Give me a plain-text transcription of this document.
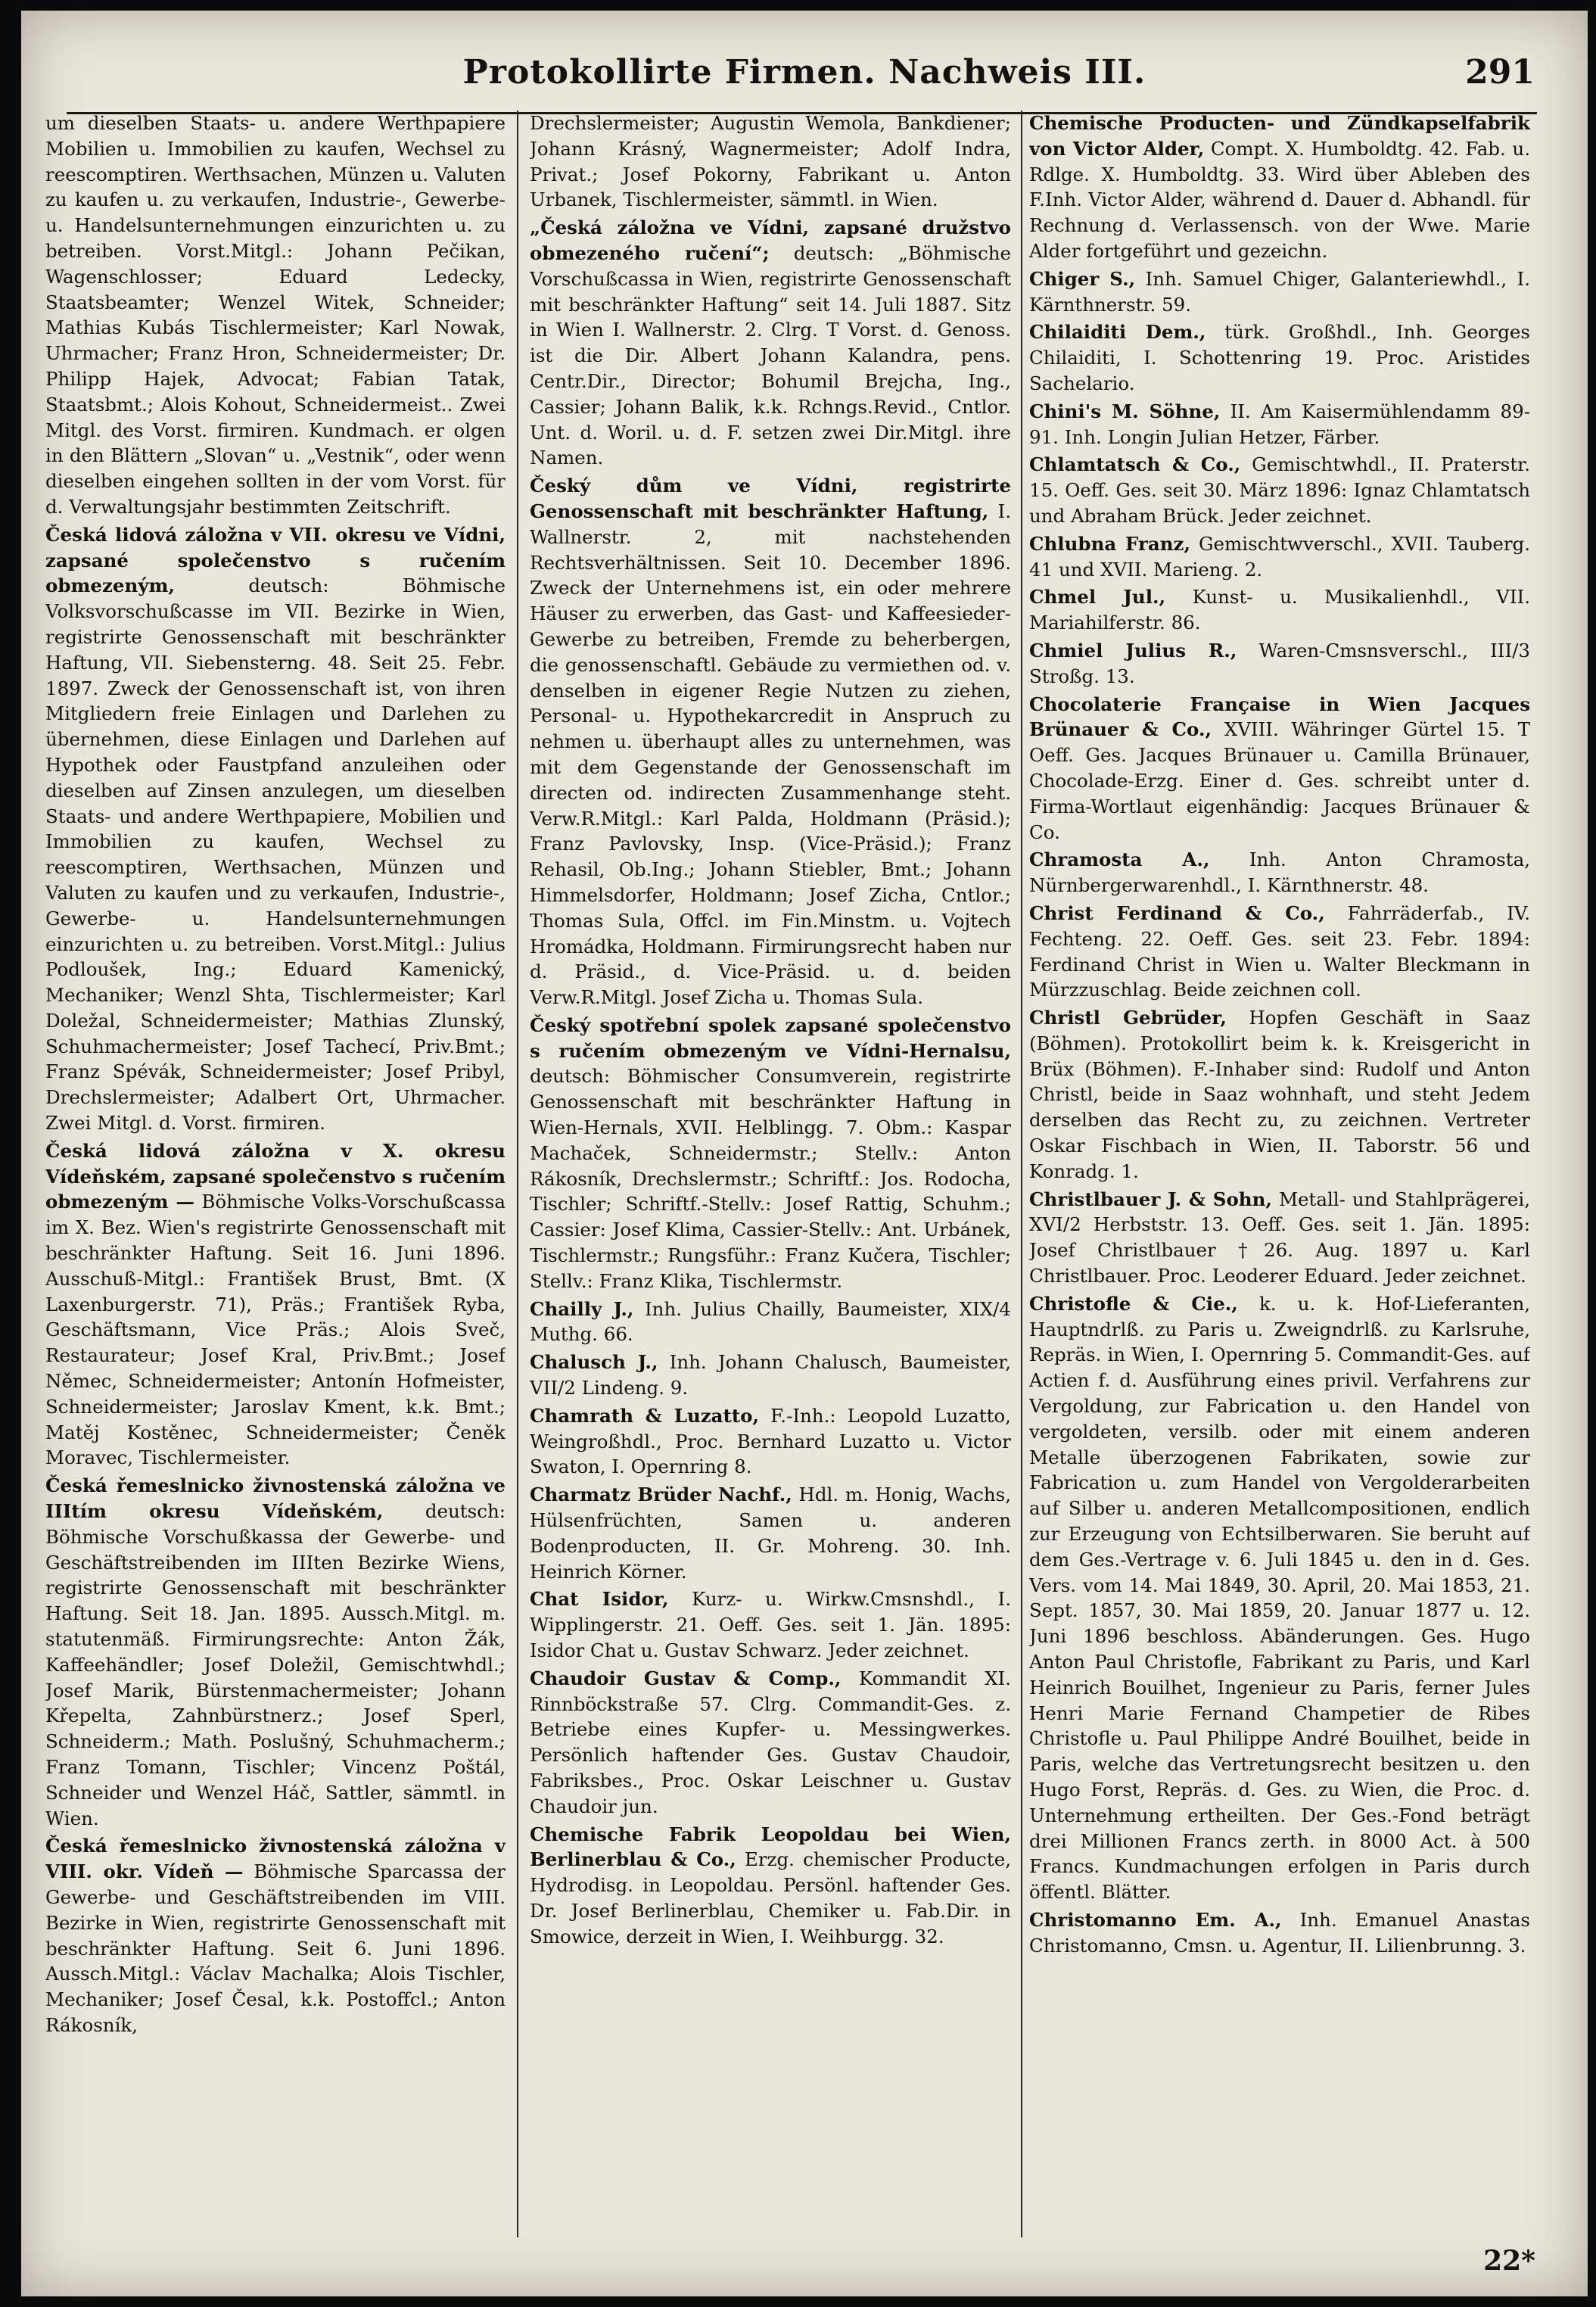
Protokollirte Firmen. Nachweis III.	291

um dieselben Staats- u. andere Werthpapiere Mobilien u. Immobilien zu kaufen, Wechsel zu reescomptiren. Werthsachen, Münzen u. Valuten zu kaufen u. zu verkaufen, Industrie-, Gewerbe- u. Handelsunternehmungen einzurichten u. zu betreiben. Vorst.Mitgl.: Johann Pečikan, Wagenschlosser; Eduard Ledecky, Staatsbeamter; Wenzel Witek, Schneider; Mathias Kubás Tischlermeister; Karl Nowak, Uhrmacher; Franz Hron, Schneidermeister; Dr. Philipp Hajek, Advocat; Fabian Tatak, Staatsbmt.; Alois Kohout, Schneidermeist.. Zwei Mitgl. des Vorst. firmiren. Kundmach. er olgen in den Blättern „Slovan“ u. „Vestnik“, oder wenn dieselben eingehen sollten in der vom Vorst. für d. Verwaltungsjahr bestimmten Zeitschrift.

Česká lidová záložna v VII. okresu ve Vídni, zapsané společenstvo s ručením obmezeným,	deutsch: Böhmische Volksvorschußcasse im VII. Bezirke in Wien, registrirte Genossenschaft mit beschränkter Haftung, VII. Siebensterng. 48. Seit 25. Febr. 1897. Zweck der Genossenschaft ist, von ihren Mitgliedern freie Einlagen und Darlehen zu übernehmen, diese Einlagen und Darlehen auf Hypothek oder Faustpfand anzuleihen oder dieselben auf Zinsen anzulegen, um dieselben Staats- und andere Werthpapiere, Mobilien und Immobilien zu kaufen, Wechsel zu reescomptiren, Werthsachen, Münzen und Valuten zu kaufen und zu verkaufen, Industrie-, Gewerbe- u. Handelsunternehmungen einzurichten u. zu betreiben. Vorst.Mitgl.: Julius Podloušek, Ing.; Eduard Kamenický, Mechaniker; Wenzl Shta, Tischlermeister; Karl Doležal, Schneidermeister; Mathias Zlunský, Schuhmachermeister; Josef Tachecí, Priv.Bmt.; Franz Spévák, Schneidermeister; Josef Pribyl, Drechslermeister; Adalbert Ort, Uhrmacher. Zwei Mitgl. d. Vorst. firmiren.

Česká lidová záložna v X. okresu Vídeňském, zapsané společenstvo s ručením obmezeným — Böhmische Volks-Vorschußcassa im X. Bez. Wien's registrirte Genossenschaft mit beschränkter Haftung. Seit 16. Juni 1896. Ausschuß-Mitgl.: František Brust, Bmt. (X Laxenburgerstr. 71), Präs.; František Ryba, Geschäftsmann, Vice Präs.; Alois Sveč, Restaurateur; Josef Kral, Priv.Bmt.; Josef Němec, Schneidermeister; Antonín Hofmeister, Schneidermeister; Jaroslav Kment, k.k. Bmt.; Matěj Kostěnec, Schneidermeister; Čeněk Moravec, Tischlermeister.

Česká řemeslnicko živnostenská záložna ve IIItím okresu Vídeňském, deutsch: Böhmische Vorschußkassa der Gewerbe- und Geschäftstreibenden im IIIten Bezirke Wiens, registrirte Genossenschaft mit beschränkter Haftung. Seit 18. Jan. 1895. Aussch.Mitgl. m. statutenmäß. Firmirungsrechte: Anton Žák, Kaffeehändler; Josef Doležil, Gemischtwhdl.; Josef Marik, Bürstenmachermeister; Johann Křepelta, Zahnbürstnerz.; Josef Sperl, Schneiderm.; Math. Poslušný, Schuhmacherm.; Franz Tomann, Tischler; Vincenz Poštál, Schneider und Wenzel Háč, Sattler, sämmtl. in Wien.

Česká řemeslnicko živnostenská záložna v VIII. okr. Vídeň — Böhmische Sparcassa der Gewerbe- und Geschäftstreibenden im VIII. Bezirke in Wien, registrirte Genossenschaft mit beschränkter Haftung. Seit 6. Juni 1896. Aussch.Mitgl.: Václav Machalka; Alois Tischler, Mechaniker; Josef Česal, k.k. Postoffcl.; Anton Rákosník,

Drechslermeister; Augustin Wemola, Bankdiener; Johann Krásný, Wagnermeister; Adolf Indra, Privat.; Josef Pokorny, Fabrikant u. Anton Urbanek, Tischlermeister, sämmtl. in Wien.

„Česká záložna ve Vídni, zapsané družstvo obmezeného ručení“; deutsch: „Böhmische Vorschußcassa in Wien, registrirte Genossenschaft mit beschränkter Haftung“ seit 14. Juli 1887. Sitz in Wien I. Wallnerstr. 2. Clrg. T Vorst. d. Genoss. ist die Dir. Albert Johann Kalandra, pens. Centr.Dir., Director; Bohumil Brejcha, Ing., Cassier; Johann Balik, k.k. Rchngs.Revid., Cntlor. Unt. d. Woril. u. d. F. setzen zwei Dir.Mitgl. ihre Namen.

Český dům ve Vídni, registrirte Genossenschaft mit beschränkter Haftung, I. Wallnerstr. 2, mit nachstehenden Rechtsverhältnissen. Seit 10. December 1896. Zweck der Unternehmens ist, ein oder mehrere Häuser zu erwerben, das Gast- und Kaffeesieder-Gewerbe zu betreiben, Fremde zu beherbergen, die genossenschaftl. Gebäude zu vermiethen od. v. denselben in eigener Regie Nutzen zu ziehen, Personal- u. Hypothekarcredit in Anspruch zu nehmen u. überhaupt alles zu unternehmen, was mit dem Gegenstande der Genossenschaft im directen od. indirecten Zusammenhange steht. Verw.R.Mitgl.: Karl Palda, Holdmann (Präsid.); Franz Pavlovsky, Insp. (Vice-Präsid.); Franz Rehasil, Ob.Ing.; Johann Stiebler, Bmt.; Johann Himmelsdorfer, Holdmann; Josef Zicha, Cntlor.; Thomas Sula, Offcl. im Fin.Minstm. u. Vojtech Hromádka, Holdmann. Firmirungsrecht haben nur d. Präsid., d. Vice-Präsid. u. d. beiden Verw.R.Mitgl. Josef Zicha u. Thomas Sula.

Český spotřební spolek zapsané společenstvo s ručením obmezeným ve Vídni-Hernalsu, deutsch: Böhmischer Consumverein, registrirte Genossenschaft mit beschränkter Haftung in Wien-Hernals, XVII. Helblingg. 7. Obm.: Kaspar Machaček, Schneidermstr.; Stellv.: Anton Rákosník, Drechslermstr.; Schriftf.: Jos. Rodocha, Tischler; Schriftf.-Stellv.: Josef Rattig, Schuhm.; Cassier: Josef Klima, Cassier-Stellv.: Ant. Urbánek, Tischlermstr.; Rungsführ.: Franz Kučera, Tischler; Stellv.: Franz Klika, Tischlermstr.

Chailly J., Inh. Julius Chailly, Baumeister, XIX/4 Muthg. 66.

Chalusch J., Inh. Johann Chalusch, Baumeister, VII/2 Lindeng. 9.

Chamrath & Luzatto, F.-Inh.: Leopold Luzatto, Weingroßhdl., Proc. Bernhard Luzatto u. Victor Swaton, I. Opernring 8.

Charmatz Brüder Nachf., Hdl. m. Honig, Wachs, Hülsenfrüchten, Samen u. anderen Bodenproducten, II. Gr. Mohreng. 30. Inh. Heinrich Körner.

Chat Isidor, Kurz- u. Wirkw.Cmsnshdl., I. Wipplingerstr. 21. Oeff. Ges. seit 1. Jän. 1895: Isidor Chat u. Gustav Schwarz. Jeder zeichnet.

Chaudoir Gustav & Comp., Kommandit XI. Rinnböckstraße 57. Clrg. Commandit-Ges. z. Betriebe eines Kupfer- u. Messingwerkes. Persönlich haftender Ges. Gustav Chaudoir, Fabriksbes., Proc. Oskar Leischner u. Gustav Chaudoir jun.

Chemische Fabrik Leopoldau bei Wien, Berlinerblau & Co., Erzg. chemischer Producte, Hydrodisg. in Leopoldau. Persönl. haftender Ges. Dr. Josef Berlinerblau, Chemiker u. Fab.Dir. in Smowice, derzeit in Wien, I. Weihburgg. 32.

Chemische Producten- und Zündkapselfabrik von Victor Alder, Compt. X. Humboldtg. 42. Fab. u. Rdlge. X. Humboldtg. 33. Wird über Ableben des F.Inh. Victor Alder, während d. Dauer d. Abhandl. für Rechnung d. Verlassensch. von der Wwe. Marie Alder fortgeführt und gezeichn.

Chiger S., Inh. Samuel Chiger, Galanteriewhdl., I. Kärnthnerstr. 59.

Chilaiditi Dem., türk. Großhdl., Inh. Georges Chilaiditi, I. Schottenring 19. Proc. Aristides Sachelario.

Chini's M. Söhne, II. Am Kaisermühlendamm 89-91. Inh. Longin Julian Hetzer, Färber.

Chlamtatsch & Co., Gemischtwhdl., II. Praterstr. 15. Oeff. Ges. seit 30. März 1896: Ignaz Chlamtatsch und Abraham Brück. Jeder zeichnet.

Chlubna Franz, Gemischtwverschl., XVII. Tauberg. 41 und XVII. Marieng. 2.

Chmel Jul., Kunst- u. Musikalienhdl., VII. Mariahilferstr. 86.

Chmiel Julius R., Waren-Cmsnsverschl., III/3 Stroßg. 13.

Chocolaterie Française in Wien Jacques Brünauer & Co., XVIII. Währinger Gürtel 15. T Oeff. Ges. Jacques Brünauer u. Camilla Brünauer, Chocolade-Erzg. Einer d. Ges. schreibt unter d. Firma-Wortlaut eigenhändig: Jacques Brünauer & Co.

Chramosta A., Inh. Anton Chramosta, Nürnbergerwarenhdl., I. Kärnthnerstr. 48.

Christ Ferdinand & Co., Fahrräderfab., IV. Fechteng. 22. Oeff. Ges. seit 23. Febr. 1894: Ferdinand Christ in Wien u. Walter Bleckmann in Mürzzuschlag. Beide zeichnen coll.

Christl Gebrüder, Hopfen Geschäft in Saaz (Böhmen). Protokollirt beim k. k. Kreisgericht in Brüx (Böhmen). F.-Inhaber sind: Rudolf und Anton Christl, beide in Saaz wohnhaft, und steht Jedem derselben das Recht zu, zu zeichnen. Vertreter Oskar Fischbach in Wien, II. Taborstr. 56 und Konradg. 1.

Christlbauer J. & Sohn, Metall- und Stahlprägerei, XVI/2 Herbststr. 13. Oeff. Ges. seit 1. Jän. 1895: Josef Christlbauer †26. Aug. 1897 u. Karl Christlbauer. Proc. Leoderer Eduard. Jeder zeichnet.

Christofle & Cie., k. u. k. Hof-Lieferanten, Hauptndrlß. zu Paris u. Zweigndrlß. zu Karlsruhe, Repräs. in Wien, I. Opernring 5. Commandit-Ges. auf Actien f. d. Ausführung eines privil. Verfahrens zur Vergoldung, zur Fabrication u. den Handel von vergoldeten, versilb. oder mit einem anderen Metalle überzogenen Fabrikaten, sowie zur Fabrication u. zum Handel von Vergolderarbeiten auf Silber u. anderen Metallcompositionen, endlich zur Erzeugung von Echtsilberwaren. Sie beruht auf dem Ges.-Vertrage v. 6. Juli 1845 u. den in d. Ges. Vers. vom 14. Mai 1849, 30. April, 20. Mai 1853, 21. Sept. 1857, 30. Mai 1859, 20. Januar 1877 u. 12. Juni 1896 beschloss. Abänderungen. Ges. Hugo Anton Paul Christofle, Fabrikant zu Paris, und Karl Heinrich Bouilhet, Ingenieur zu Paris, ferner Jules Henri Marie Fernand Champetier de Ribes Christofle u. Paul Philippe André Bouilhet, beide in Paris, welche das Vertretungsrecht besitzen u. den Hugo Forst, Repräs. d. Ges. zu Wien, die Proc. d. Unternehmung ertheilten. Der Ges.-Fond beträgt drei Millionen Francs zerth. in 8000 Act. à 500 Francs. Kundmachungen erfolgen in Paris durch öffentl. Blätter.

Christomanno Em. A., Inh. Emanuel Anastas Christomanno, Cmsn. u. Agentur, II. Lilienbrunng. 3.

22*
